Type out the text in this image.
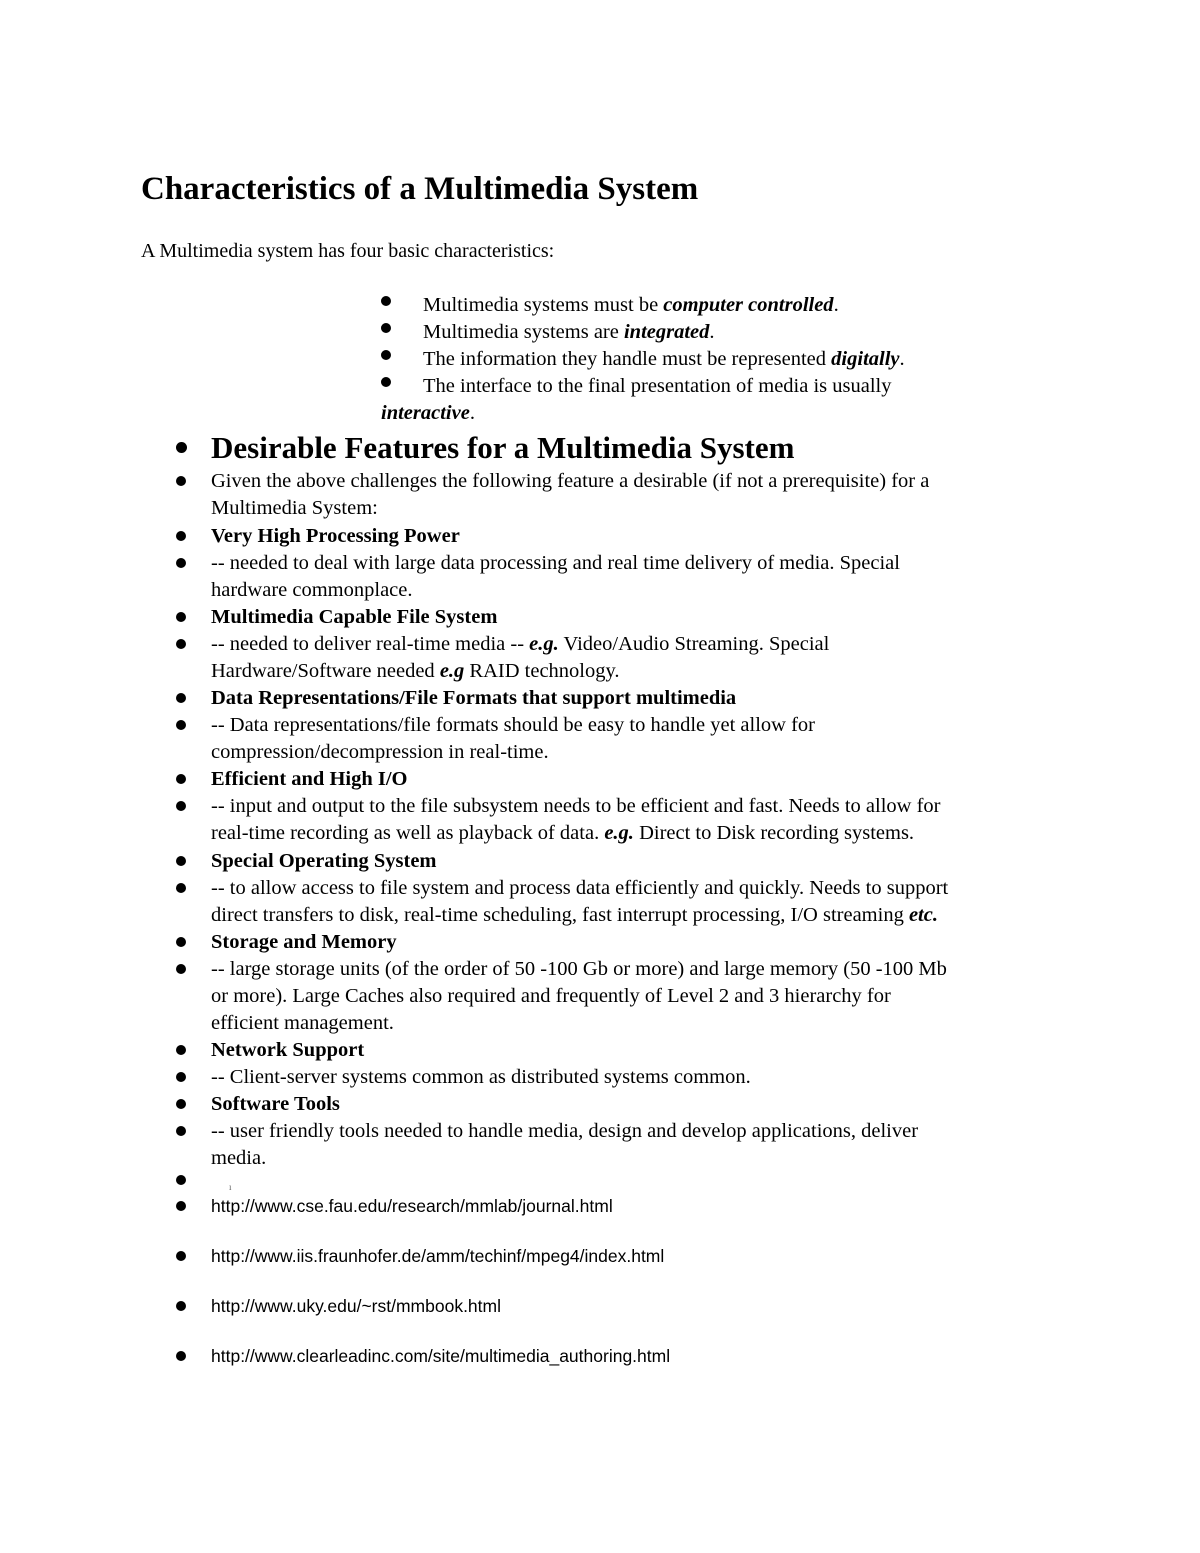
Characteristics of a Multimedia System

A Multimedia system has four basic characteristics:

Multimedia systems must be computer controlled.

Multimedia systems are integrated.

The information they handle must be represented digitally.

The interface to the final presentation of media is usually

interactive.

Desirable Features for a Multimedia System

Given the above challenges the following feature a desirable (if not a prerequisite) for a

Multimedia System:

Very High Processing Power

-- needed to deal with large data processing and real time delivery of media. Special

hardware commonplace.

Multimedia Capable File System

-- needed to deliver real-time media -- e.g. Video/Audio Streaming. Special

Hardware/Software needed e.g RAID technology.

Data Representations/File Formats that support multimedia

-- Data representations/file formats should be easy to handle yet allow for

compression/decompression in real-time.

Efficient and High I/O

-- input and output to the file subsystem needs to be efficient and fast. Needs to allow for

real-time recording as well as playback of data. e.g. Direct to Disk recording systems.

Special Operating System

-- to allow access to file system and process data efficiently and quickly. Needs to support

direct transfers to disk, real-time scheduling, fast interrupt processing, I/O streaming etc.

Storage and Memory

-- large storage units (of the order of 50 -100 Gb or more) and large memory (50 -100 Mb

or more). Large Caches also required and frequently of Level 2 and 3 hierarchy for

efficient management.

Network Support

-- Client-server systems common as distributed systems common.

Software Tools

-- user friendly tools needed to handle media, design and develop applications, deliver

media.

ı
http://www.cse.fau.edu/research/mmlab/journal.html
http://www.iis.fraunhofer.de/amm/techinf/mpeg4/index.html
http://www.uky.edu/~rst/mmbook.html
http://www.clearleadinc.com/site/multimedia_authoring.html
